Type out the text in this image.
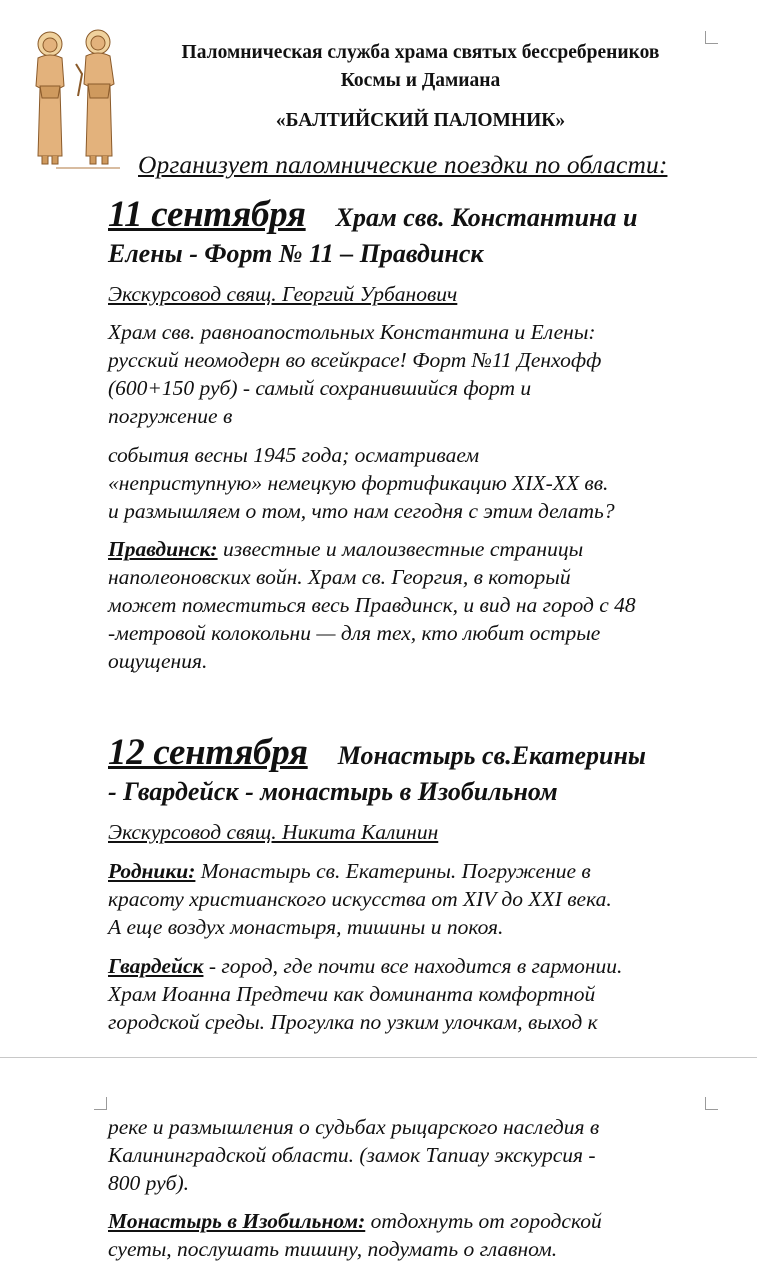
Паломническая служба храма святых бессребреников
Космы и Дамиана
«БАЛТИЙСКИЙ ПАЛОМНИК»
Организует паломнические поездки по области:
11 сентября Храм свв. Константина и
Елены - Форт № 11 – Правдинск
Экскурсовод свящ. Георгий Урбанович
Храм свв. равноапостольных Константина и Елены:
русский неомодерн во всейкрасе! Форт №11 Денхофф
(600+150 руб) - самый сохранившийся форт и
погружение в
события весны 1945 года; осматриваем
«неприступную» немецкую фортификацию XIX-XX вв.
и размышляем о том, что нам сегодня с этим делать?
Правдинск: известные и малоизвестные страницы
наполеоновских войн. Храм св. Георгия, в который
может поместиться весь Правдинск, и вид на город с 48
-метровой колокольни — для тех, кто любит острые
ощущения.
12 сентября Монастырь св.Екатерины
- Гвардейск - монастырь в Изобильном
Экскурсовод свящ. Никита Калинин
Родники: Монастырь св. Екатерины. Погружение в
красоту христианского искусства от XIV до XXI века.
А еще воздух монастыря, тишины и покоя.
Гвардейск - город, где почти все находится в гармонии.
Храм Иоанна Предтечи как доминанта комфортной
городской среды. Прогулка по узким улочкам, выход к
реке и размышления о судьбах рыцарского наследия в
Калининградской области. (замок Тапиау экскурсия -
800 руб).
Монастырь в Изобильном: отдохнуть от городской
суеты, послушать тишину, подумать о главном.
